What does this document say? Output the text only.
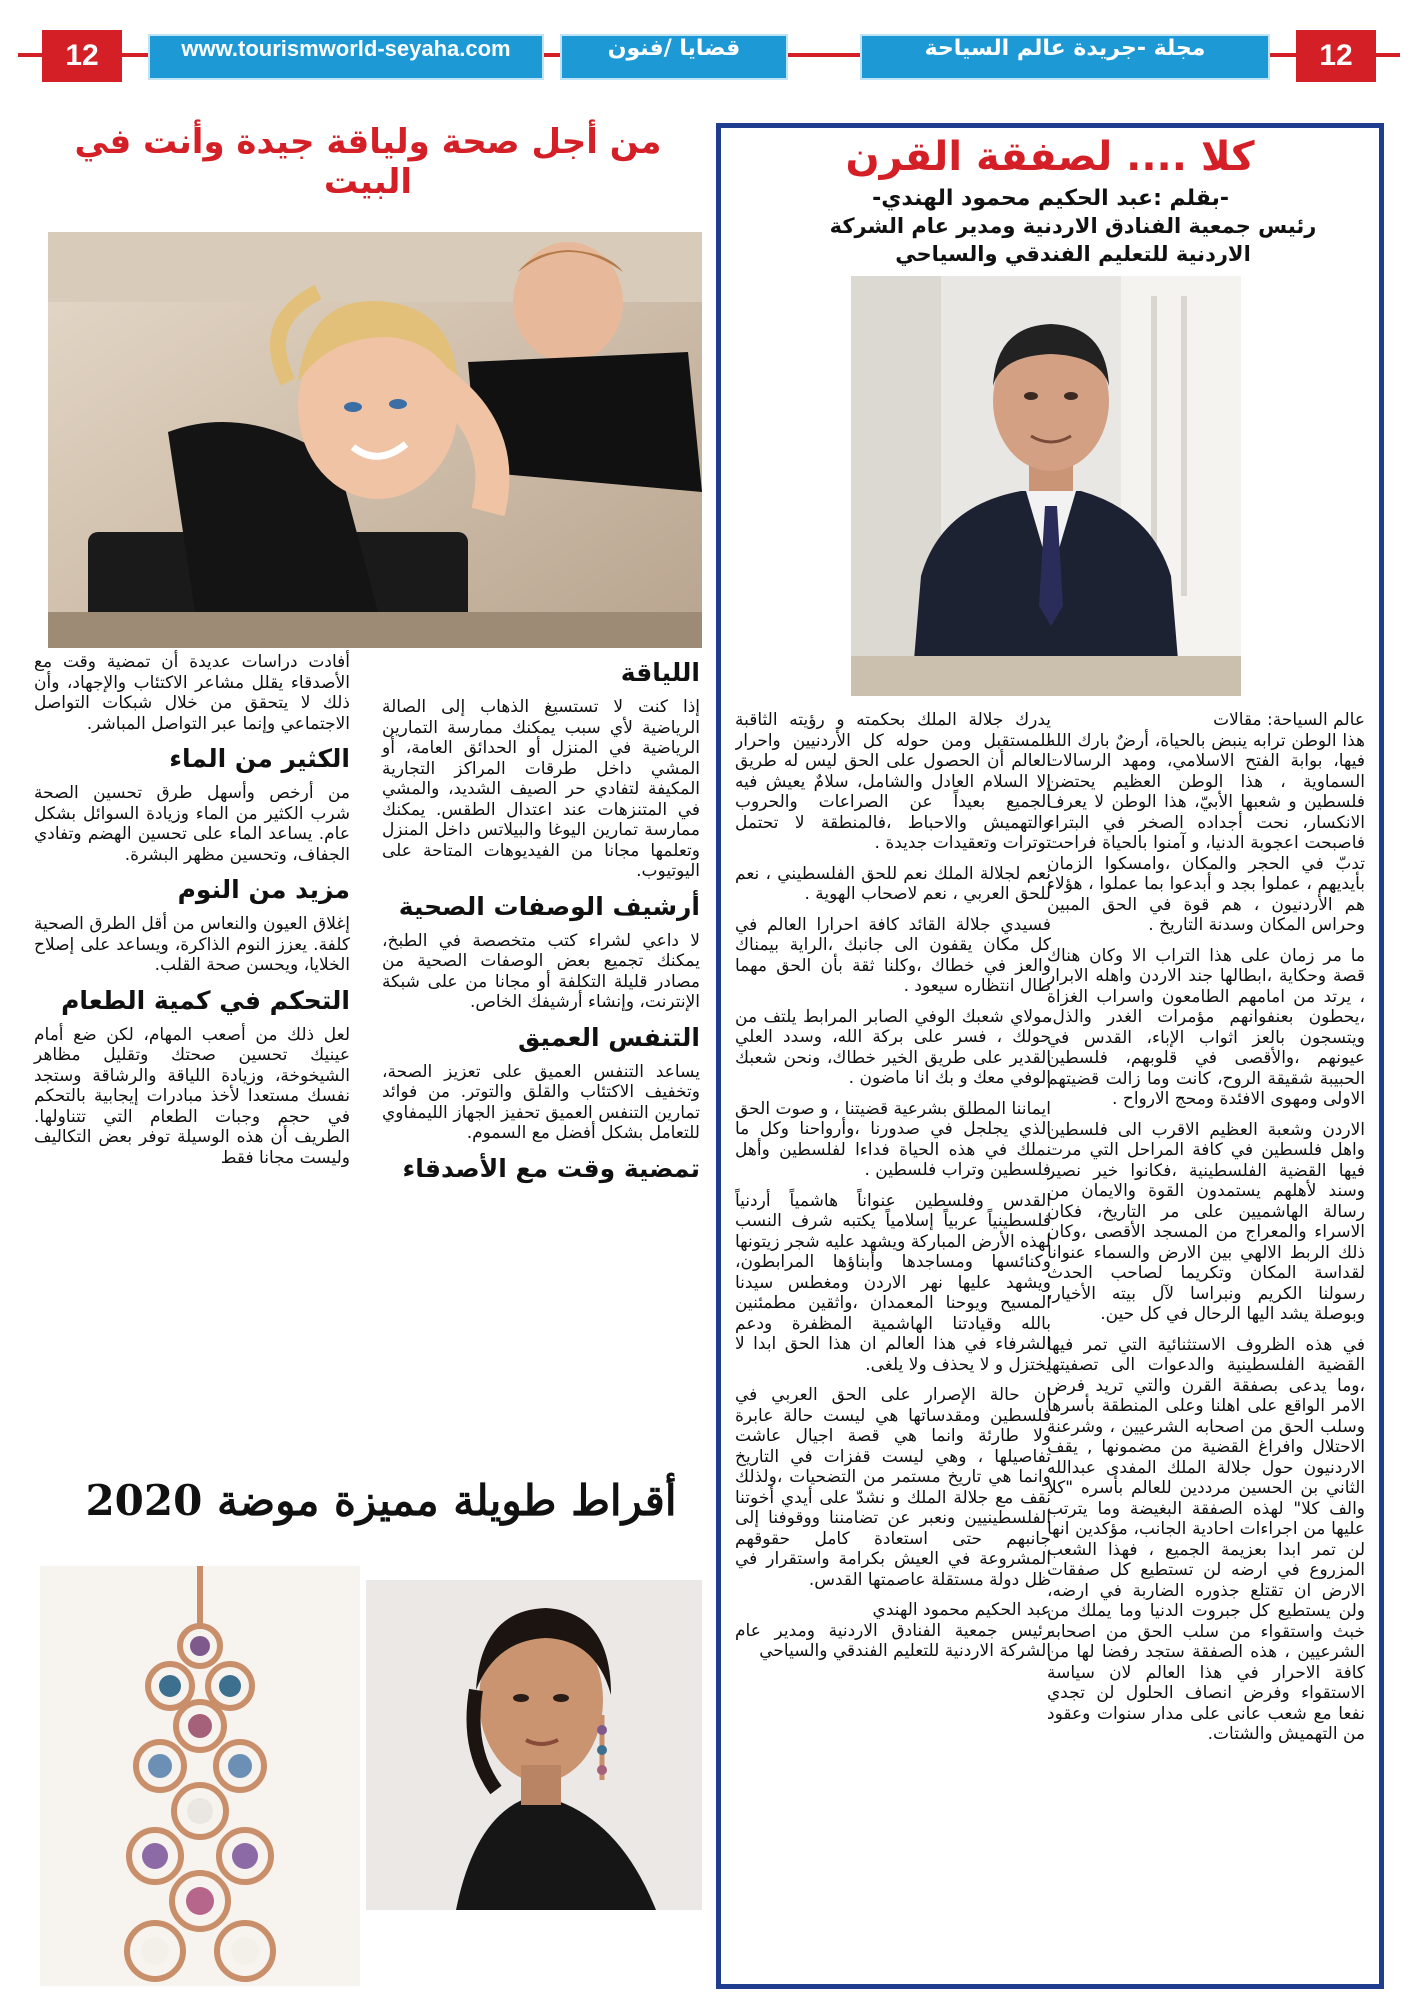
12	www.tourismworld-seyaha.com	قضايا /فنون	مجلة -جريدة عالم السياحة	12
كلا .... لصفقة القرن
-بقلم :عبد الحكيم محمود الهندي-
رئيس جمعية الفنادق الاردنية ومدير عام الشركة الاردنية للتعليم الفندقي والسياحي

عالم السياحة: مقالات

هذا الوطن ترابه ينبض بالحياة، أرضٌ بارك الله فيها، بوابة الفتح الاسلامي، ومهد الرسالات السماوية ، هذا الوطن العظيم يحتضن فلسطين و شعبها الأبيّ، هذا الوطن لا يعرف الانكسار، نحت أجداده الصخر في البتراء فاصبحت اعجوبة الدنيا، و آمنوا بالحياة فراحت تدبّ في الحجر والمكان ،وامسكوا الزمان بأيديهم ، عملوا بجد و أبدعوا بما عملوا ، هؤلاء هم الأردنيون ، هم قوة في الحق المبين وحراس المكان وسدنة التاريخ .

ما مر زمان على هذا التراب الا وكان هناك قصة وحكاية ،ابطالها جند الاردن واهله الابرار ، يرتد من امامهم الطامعون واسراب الغزاة ،يحطون بعنفوانهم مؤمرات الغدر والذل، ويتسجون بالعز اثواب الإباء، القدس في عيونهم ،والأقصى في قلوبهم، فلسطين الحبيبة شقيقة الروح، كانت وما زالت قضيتهم الاولى ومهوى الافئدة ومحج الارواح .

الاردن وشعبة العظيم الاقرب الى فلسطين واهل فلسطين في كافة المراحل التي مرت فيها القضية الفلسطينية ،فكانوا خير نصير وسند لأهلهم يستمدون القوة والايمان من رسالة الهاشميين على مر التاريخ، فكان الاسراء والمعراج من المسجد الأقصى ،وكان ذلك الربط الالهي بين الارض والسماء عنوانا لقداسة المكان وتكريما لصاحب الحدث رسولنا الكريم ونبراسا لآل بيته الأخيار، وبوصلة يشد اليها الرحال في كل حين.

في هذه الظروف الاستثنائية التي تمر فيها القضية الفلسطينية والدعوات الى تصفيتها ،وما يدعى بصفقة القرن والتي تريد فرض الامر الواقع على اهلنا وعلى المنطقة بأسرها وسلب الحق من اصحابه الشرعيين ، وشرعنة الاحتلال وافراغ القضية من مضمونها , يقف الاردنيون حول جلالة الملك المفدى عبدالله الثاني بن الحسين مرددين للعالم بأسره "كلا والف كلا" لهذه الصفقة البغيضة وما يترتب عليها من اجراءات احادية الجانب، مؤكدين انها لن تمر ابدا بعزيمة الجميع ، فهذا الشعب المزروع في ارضه لن تستطيع كل صفقات الارض ان تقتلع جذوره الضاربة في ارضه، ولن يستطيع كل جبروت الدنيا وما يملك من خبث واستقواء من سلب الحق من اصحابه الشرعيين ، هذه الصفقة ستجد رفضا لها من كافة الاحرار في هذا العالم لان سياسة الاستقواء وفرض انصاف الحلول لن تجدي نفعا مع شعب عانى على مدار سنوات وعقود من التهميش والشتات.

يدرك جلالة الملك بحكمته و رؤيته الثاقبة للمستقبل ومن حوله كل الأردنيين واحرار العالم أن الحصول على الحق ليس له طريق إلا السلام العادل والشامل، سلامٌ يعيش فيه الجميع بعيداً عن الصراعات والحروب والتهميش والاحباط ،فالمنطقة لا تحتمل توترات وتعقيدات جديدة .

نعم لجلالة الملك نعم للحق الفلسطيني ، نعم للحق العربي ، نعم لاصحاب الهوية .

فسيدي جلالة القائد كافة احرارا العالم في كل مكان يقفون الى جانبك ،الراية بيمناك والعز في خطاك ،وكلنا ثقة بأن الحق مهما طال انتظاره سيعود .

مولاي شعبك الوفي الصابر المرابط يلتف من حولك ، فسر على بركة الله، وسدد العلي القدير على طريق الخير خطاك، ونحن شعبك الوفي معك و بك انا ماضون .

ايماننا المطلق بشرعية قضيتنا ، و صوت الحق الذي يجلجل في صدورنا ،وأرواحنا وكل ما نملك في هذه الحياة فداءا لفلسطين وأهل فلسطين وتراب فلسطين .

القدس وفلسطين عنواناً هاشمياً أردنياً فلسطينياً عربياً إسلامياً يكتبه شرف النسب لهذه الأرض المباركة ويشهد عليه شجر زيتونها وكنائسها ومساجدها وأبناؤها المرابطون، ويشهد عليها نهر الاردن ومغطس سيدنا المسيح ويوحنا المعمدان ،واثقين مطمئنين بالله وقيادتنا الهاشمية المظفرة ودعم الشرفاء في هذا العالم ان هذا الحق ابدا لا يختزل و لا يحذف ولا يلغى.

ان حالة الإصرار على الحق العربي في فلسطين ومقدساتها هي ليست حالة عابرة ولا طارئة وانما هي قصة اجيال عاشت تفاصيلها ، وهي ليست قفزات في التاريخ وانما هي تاريخ مستمر من التضحيات ،ولذلك نقف مع جلالة الملك و نشدّ على أيدي أخوتنا الفلسطينيين ونعبر عن تضامننا ووقوفنا إلى جانبهم حتى استعادة كامل حقوقهم المشروعة في العيش بكرامة واستقرار في ظل دولة مستقلة عاصمتها القدس.

عبد الحكيم محمود الهندي

رئيس جمعية الفنادق الاردنية ومدير عام الشركة الاردنية للتعليم الفندقي والسياحي

من أجل صحة ولياقة جيدة وأنت في البيت
اللياقة

إذا كنت لا تستسيغ الذهاب إلى الصالة الرياضية لأي سبب يمكنك ممارسة التمارين الرياضية في المنزل أو الحدائق العامة، أو المشي داخل طرقات المراكز التجارية المكيفة لتفادي حر الصيف الشديد، والمشي في المتنزهات عند اعتدال الطقس. يمكنك ممارسة تمارين اليوغا والبيلاتس داخل المنزل وتعلمها مجانا من الفيديوهات المتاحة على اليوتيوب.

أرشيف الوصفات الصحية

لا داعي لشراء كتب متخصصة في الطبخ، يمكنك تجميع بعض الوصفات الصحية من مصادر قليلة التكلفة أو مجانا من على شبكة الإنترنت، وإنشاء أرشيفك الخاص.

التنفس العميق

يساعد التنفس العميق على تعزيز الصحة، وتخفيف الاكتئاب والقلق والتوتر. من فوائد تمارين التنفس العميق تحفيز الجهاز الليمفاوي للتعامل بشكل أفضل مع السموم.

تمضية وقت مع الأصدقاء

أفادت دراسات عديدة أن تمضية وقت مع الأصدقاء يقلل مشاعر الاكتئاب والإجهاد، وأن ذلك لا يتحقق من خلال شبكات التواصل الاجتماعي وإنما عبر التواصل المباشر.

الكثير من الماء

من أرخص وأسهل طرق تحسين الصحة شرب الكثير من الماء وزيادة السوائل بشكل عام. يساعد الماء على تحسين الهضم وتفادي الجفاف، وتحسين مظهر البشرة.

مزيد من النوم

إغلاق العيون والنعاس من أقل الطرق الصحية كلفة. يعزز النوم الذاكرة، ويساعد على إصلاح الخلايا، ويحسن صحة القلب.

التحكم في كمية الطعام

لعل ذلك من أصعب المهام، لكن ضع أمام عينيك تحسين صحتك وتقليل مظاهر الشيخوخة، وزيادة اللياقة والرشاقة وستجد نفسك مستعدا لأخذ مبادرات إيجابية بالتحكم في حجم وجبات الطعام التي تتناولها. الطريف أن هذه الوسيلة توفر بعض التكاليف وليست مجانا فقط

أقراط طويلة مميزة موضة 2020
